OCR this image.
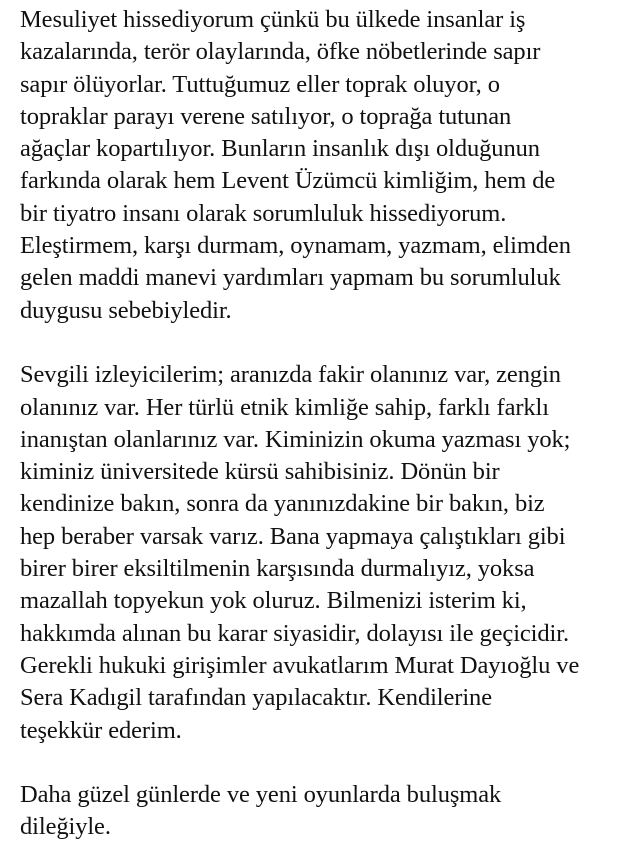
Mesuliyet hissediyorum çünkü bu ülkede insanlar iş
kazalarında, terör olaylarında, öfke nöbetlerinde sapır
sapır ölüyorlar. Tuttuğumuz eller toprak oluyor, o
topraklar parayı verene satılıyor, o toprağa tutunan
ağaçlar kopartılıyor. Bunların insanlık dışı olduğunun
farkında olarak hem Levent Üzümcü kimliğim, hem de
bir tiyatro insanı olarak sorumluluk hissediyorum.
Eleştirmem, karşı durmam, oynamam, yazmam, elimden
gelen maddi manevi yardımları yapmam bu sorumluluk
duygusu sebebiyledir.
Sevgili izleyicilerim; aranızda fakir olanınız var, zengin
olanınız var. Her türlü etnik kimliğe sahip, farklı farklı
inanıştan olanlarınız var. Kiminizin okuma yazması yok;
kiminiz üniversitede kürsü sahibisiniz. Dönün bir
kendinize bakın, sonra da yanınızdakine bir bakın, biz
hep beraber varsak varız. Bana yapmaya çalıştıkları gibi
birer birer eksiltilmenin karşısında durmalıyız, yoksa
mazallah topyekun yok oluruz. Bilmenizi isterim ki,
hakkımda alınan bu karar siyasidir, dolayısı ile geçicidir.
Gerekli hukuki girişimler avukatlarım Murat Dayıoğlu ve
Sera Kadıgil tarafından yapılacaktır. Kendilerine
teşekkür ederim.
Daha güzel günlerde ve yeni oyunlarda buluşmak
dileğiyle.
